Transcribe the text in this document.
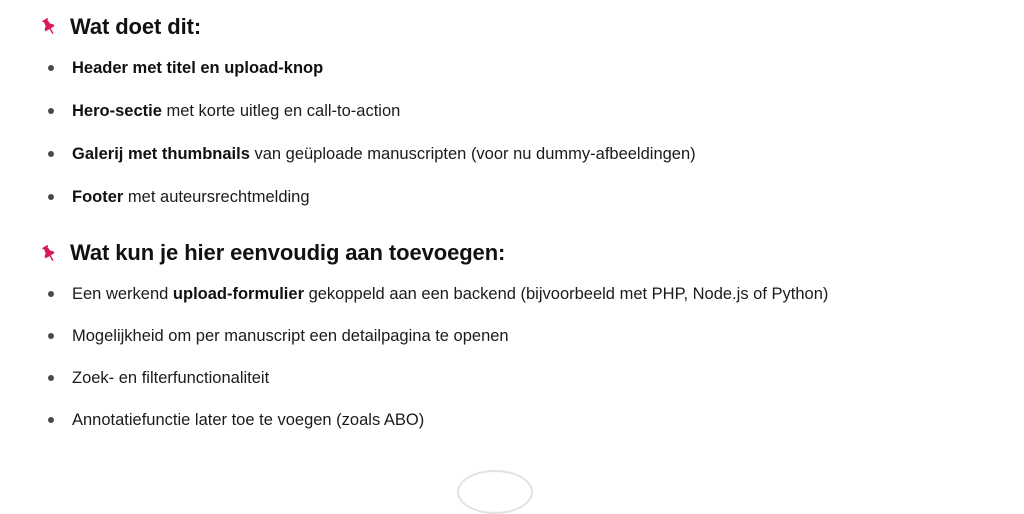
Wat doet dit:
Header met titel en upload-knop
Hero-sectie met korte uitleg en call-to-action
Galerij met thumbnails van geüploade manuscripten (voor nu dummy-afbeeldingen)
Footer met auteursrechtmelding
Wat kun je hier eenvoudig aan toevoegen:
Een werkend upload-formulier gekoppeld aan een backend (bijvoorbeeld met PHP, Node.js of Python)
Mogelijkheid om per manuscript een detailpagina te openen
Zoek- en filterfunctionaliteit
Annotatiefunctie later toe te voegen (zoals ABO)
